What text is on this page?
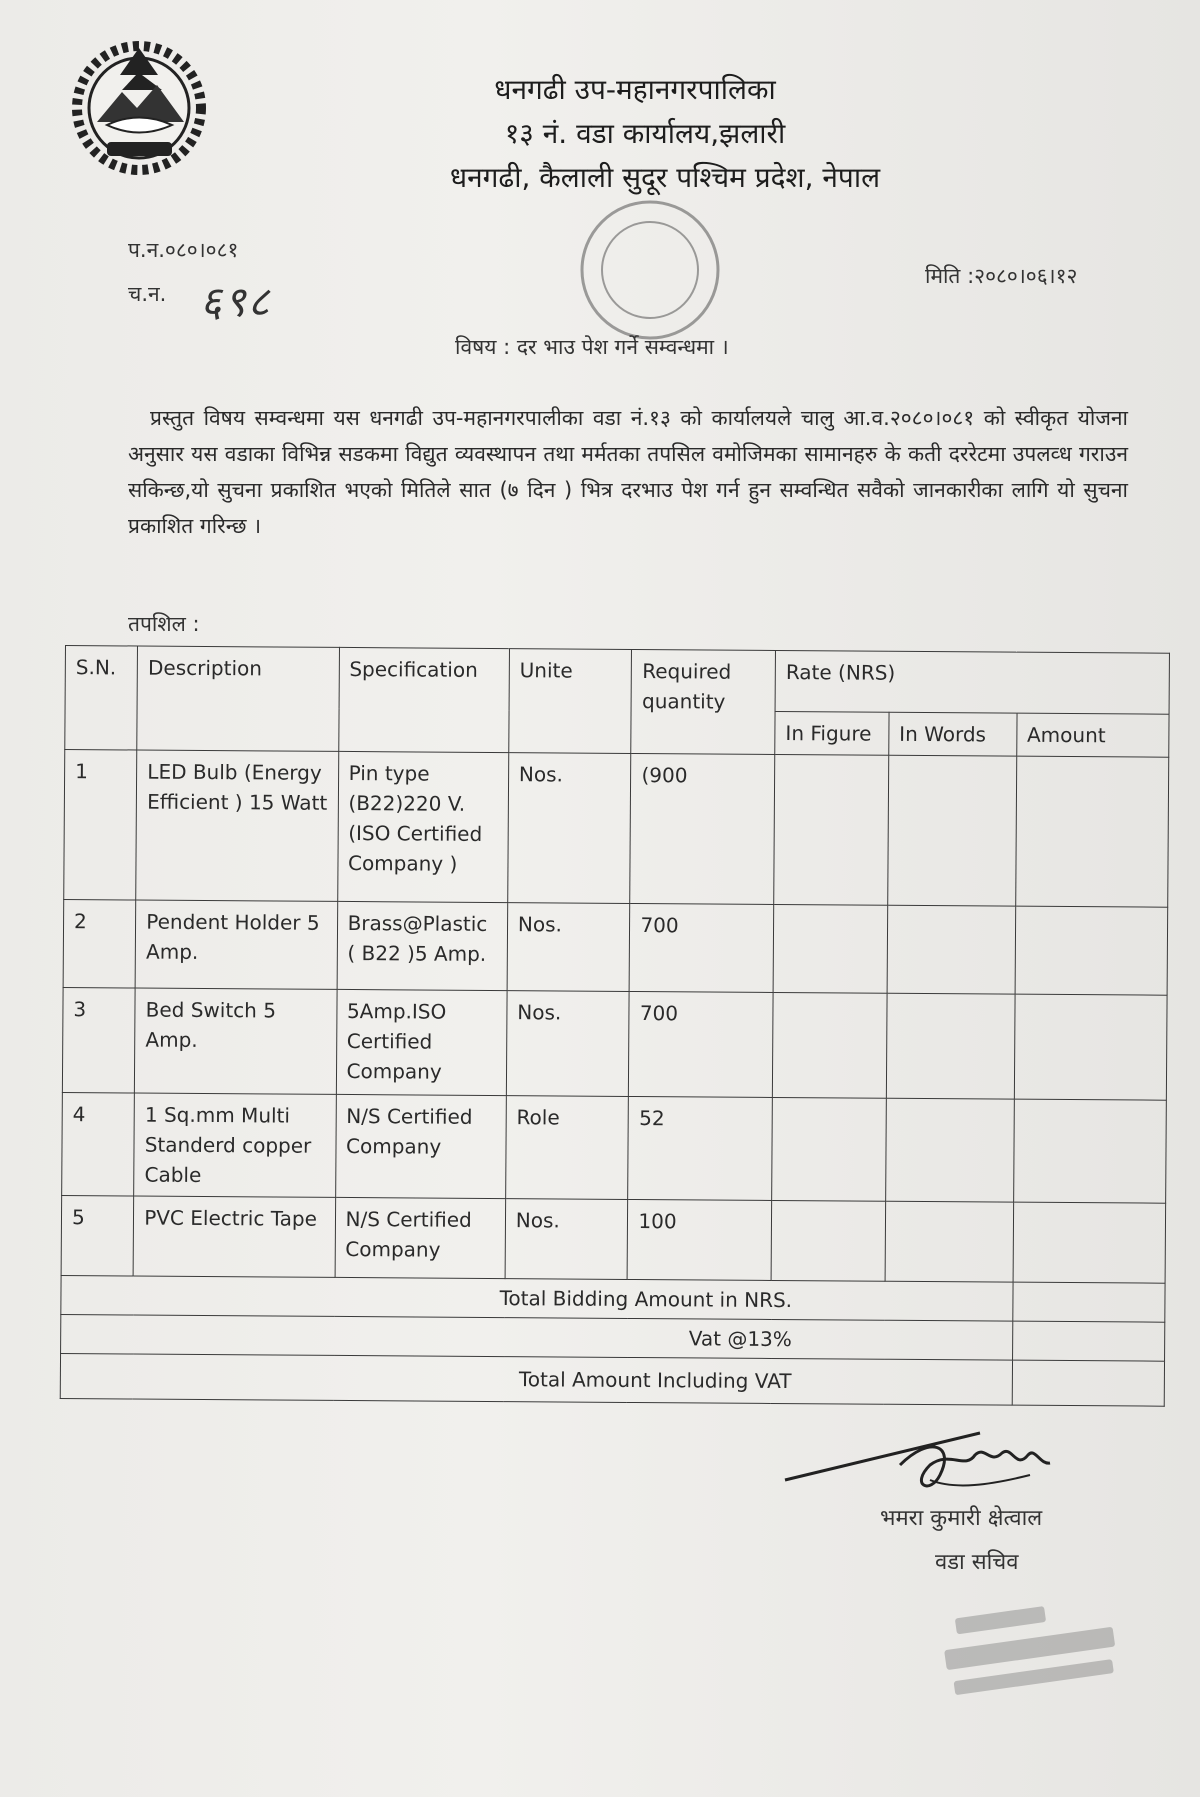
धनगढी उप-महानगरपालिका
१३ नं. वडा कार्यालय,झलारी
धनगढी, कैलाली सुदूर पश्चिम प्रदेश, नेपाल
प.न.०८०।०८१
च.न. ६९८
मिति :२०८०।०६।१२
विषय : दर भाउ पेश गर्ने सम्वन्धमा ।
प्रस्तुत विषय सम्वन्धमा यस धनगढी उप-महानगरपालीका वडा नं.१३ को कार्यालयले चालु आ.व.२०८०।०८१ को स्वीकृत योजना अनुसार यस वडाका विभिन्न सडकमा विद्युत व्यवस्थापन तथा मर्मतका तपसिल वमोजिमका सामानहरु के कती दररेटमा उपलव्ध गराउन सकिन्छ,यो सुचना प्रकाशित भएको मितिले सात (७ दिन ) भित्र दरभाउ पेश गर्न हुन सम्वन्धित सवैको जानकारीका लागि यो सुचना प्रकाशित गरिन्छ ।
तपशिल :
S.N.	Description	Specification	Unite	Required quantity	Rate (NRS)		
					In Figure	In Words	Amount
1	LED Bulb (Energy Efficient ) 15 Watt	Pin type (B22)220 V.(ISO Certified Company )	Nos.	(900			
2	Pendent Holder 5 Amp.	Brass@Plastic ( B22 )5 Amp.	Nos.	700			
3	Bed Switch 5 Amp.	5Amp.ISO Certified Company	Nos.	700			
4	1 Sq.mm Multi Standerd copper Cable	N/S Certified Company	Role	52			
5	PVC Electric Tape	N/S Certified Company	Nos.	100			
Total Bidding Amount in NRS.							
Vat @13%							
Total Amount Including VAT							
भमरा कुमारी क्षेत्वाल
वडा सचिव
